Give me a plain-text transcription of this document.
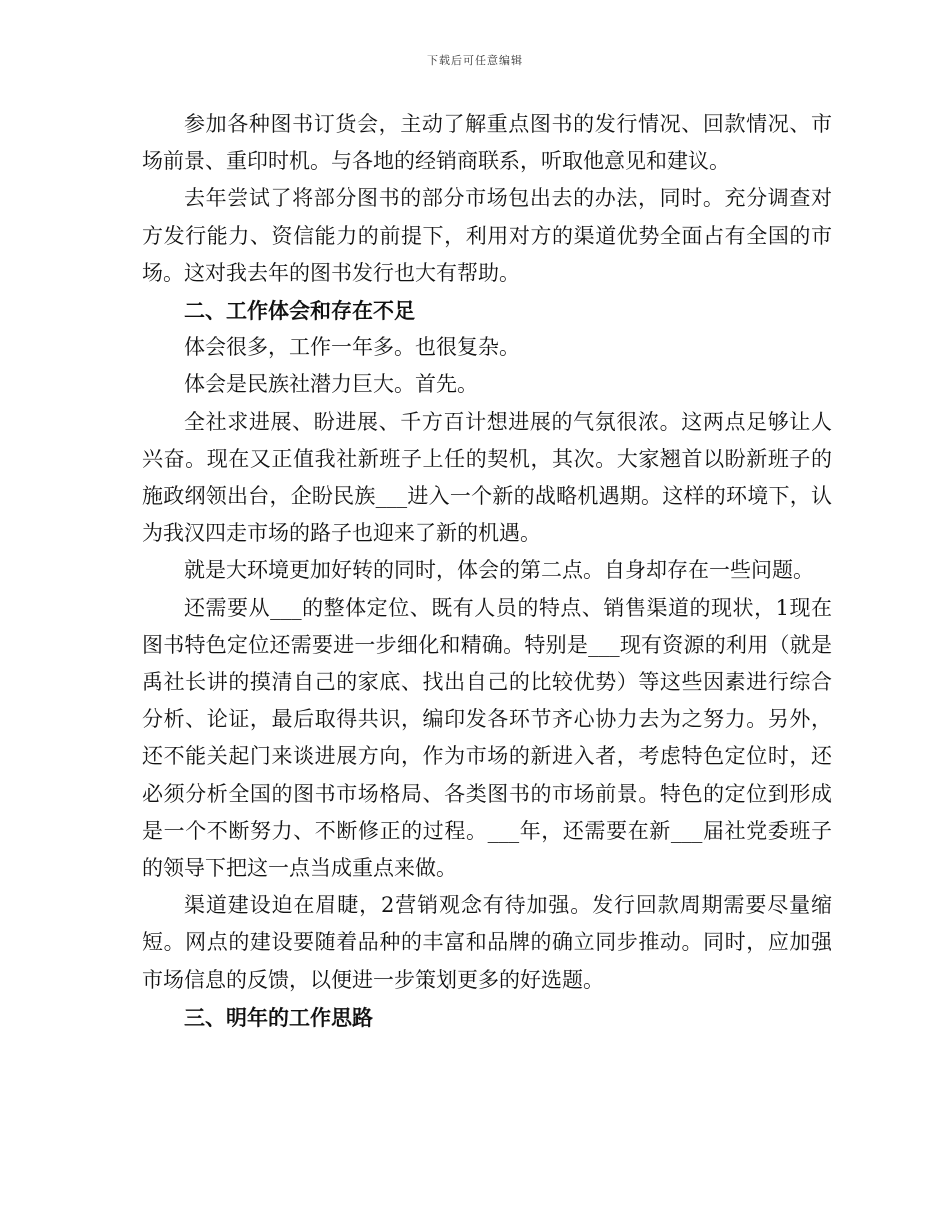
下载后可任意编辑

参加各种图书订货会，主动了解重点图书的发行情况、回款情况、市场前景、重印时机。与各地的经销商联系，听取他意见和建议。

去年尝试了将部分图书的部分市场包出去的办法，同时。充分调查对方发行能力、资信能力的前提下，利用对方的渠道优势全面占有全国的市场。这对我去年的图书发行也大有帮助。

二、工作体会和存在不足

体会很多，工作一年多。也很复杂。

体会是民族社潜力巨大。首先。

全社求进展、盼进展、千方百计想进展的气氛很浓。这两点足够让人兴奋。现在又正值我社新班子上任的契机，其次。大家翘首以盼新班子的施政纲领出台，企盼民族___进入一个新的战略机遇期。这样的环境下，认为我汉四走市场的路子也迎来了新的机遇。

就是大环境更加好转的同时，体会的第二点。自身却存在一些问题。

还需要从___的整体定位、既有人员的特点、销售渠道的现状，1现在图书特色定位还需要进一步细化和精确。特别是___现有资源的利用（就是禹社长讲的摸清自己的家底、找出自己的比较优势）等这些因素进行综合分析、论证，最后取得共识，编印发各环节齐心协力去为之努力。另外，还不能关起门来谈进展方向，作为市场的新进入者，考虑特色定位时，还必须分析全国的图书市场格局、各类图书的市场前景。特色的定位到形成是一个不断努力、不断修正的过程。___年，还需要在新___届社党委班子的领导下把这一点当成重点来做。

渠道建设迫在眉睫，2营销观念有待加强。发行回款周期需要尽量缩短。网点的建设要随着品种的丰富和品牌的确立同步推动。同时，应加强市场信息的反馈，以便进一步策划更多的好选题。

三、明年的工作思路
